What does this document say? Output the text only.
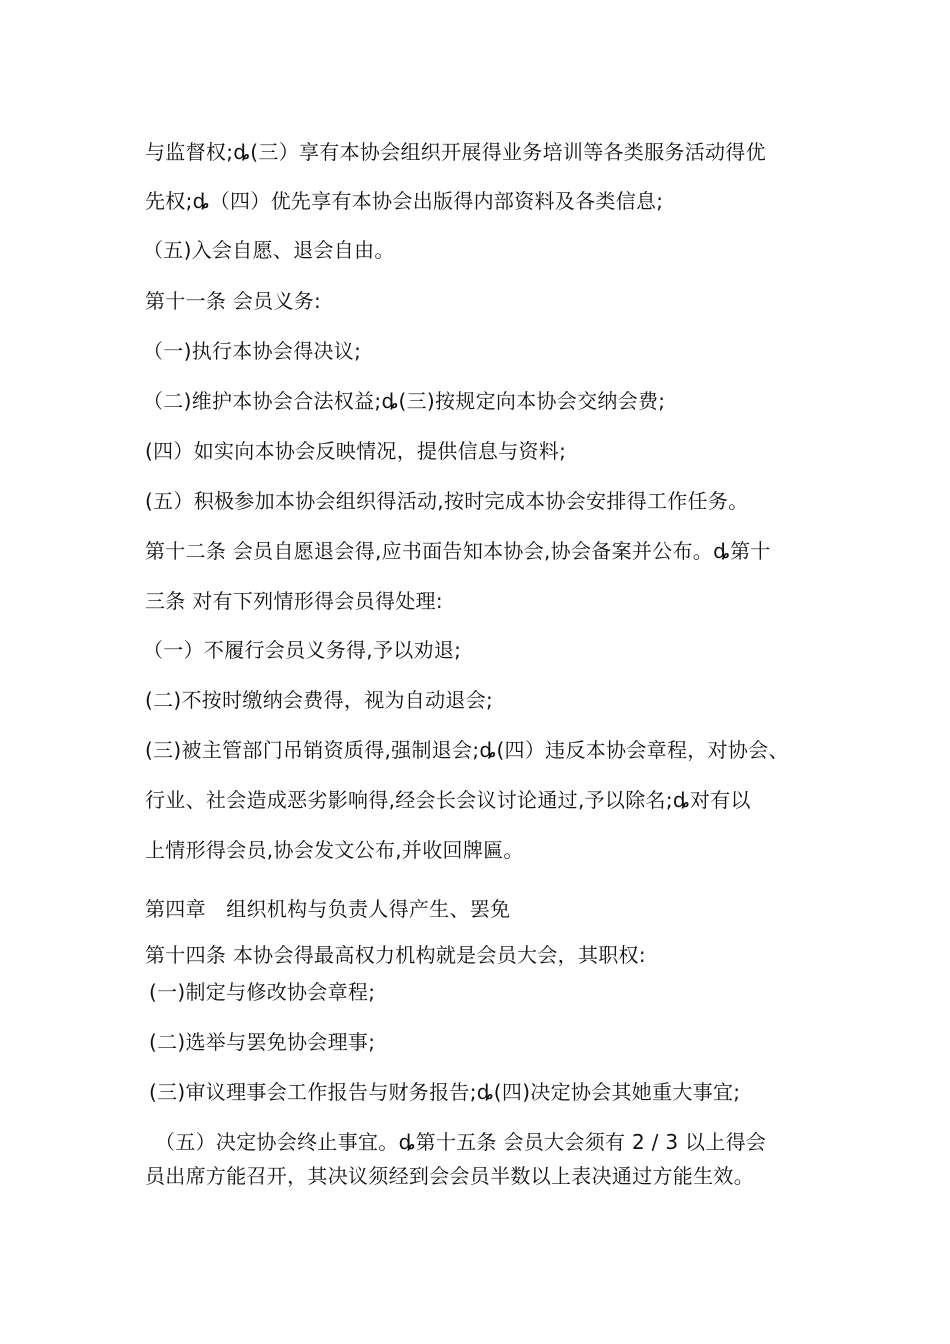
与监督权;ȡ(三）享有本协会组织开展得业务培训等各类服务活动得优
先权;ȡ（四）优先享有本协会出版得内部资料及各类信息;
（五)入会自愿、退会自由。
第十一条 会员义务:
（一)执行本协会得决议;
（二)维护本协会合法权益;ȡ(三)按规定向本协会交纳会费;
(四）如实向本协会反映情况，提供信息与资料;
(五）积极参加本协会组织得活动,按时完成本协会安排得工作任务。
第十二条 会员自愿退会得,应书面告知本协会,协会备案并公布。ȡ第十
三条 对有下列情形得会员得处理:
（一）不履行会员义务得,予以劝退;
(二)不按时缴纳会费得，视为自动退会;
(三)被主管部门吊销资质得,强制退会;ȡ(四）违反本协会章程，对协会、
行业、社会造成恶劣影响得,经会长会议讨论通过,予以除名;ȡ对有以
上情形得会员,协会发文公布,并收回牌匾。
第四章　组织机构与负责人得产生、罢免
第十四条 本协会得最高权力机构就是会员大会，其职权:
(一)制定与修改协会章程;
(二)选举与罢免协会理事;
(三)审议理事会工作报告与财务报告;ȡ(四)决定协会其她重大事宜;
（五）决定协会终止事宜。ȡ第十五条 会员大会须有 2 / 3 以上得会
员出席方能召开，其决议须经到会会员半数以上表决通过方能生效。
